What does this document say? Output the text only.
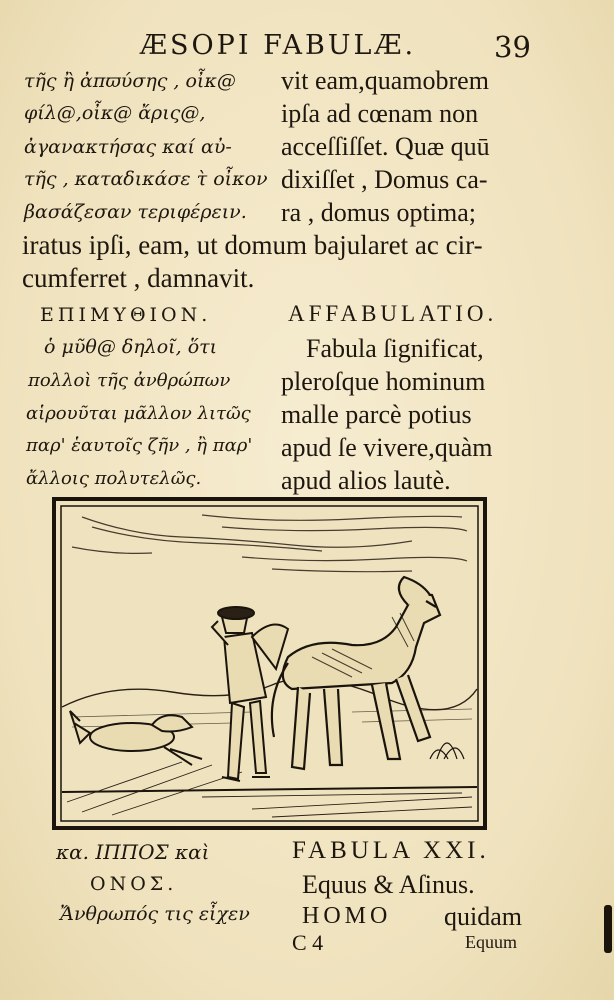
ÆSOPI FABULÆ.	39
τῆς ἢ ἀπϖύσης , οἶκ@
φίλ@,οἶκ@ ἄρις@,
ἀγανακτήσας καί αὐ-
τῆς , καταδικάσε τ̀ οἶκον
βασάζεσαν τεριφέρειν.
vit eam,quamobrem
ipſa ad cœnam non
acceſſiſſet. Quæ quū
dixiſſet , Domus ca-
ra , domus optima;
iratus ipſi, eam, ut domum bajularet ac cir-
cumferret , damnavit.
ΕΠΙΜΥΘΙΟΝ.	AFFABULATIO.
ὁ μῦθ@ δηλοῖ, ὅτι
πολλοὶ τῆς ἀνθρώπων
αἱρουῦται μᾶλλον λιτῶς
παρ' ἑαυτοῖς ζῆν , ἢ παρ'
ἄλλοις πολυτελῶς.
Fabula ſignificat,
pleroſque hominum
malle parcè potius
apud ſe vivere,quàm
apud alios lautè.
κα. ΙΠΠΟΣ καὶ
ΟΝΟΣ.
Ἄνθρωπός τις εἶχεν
FABULA XXI.
Equus & Aſinus.
HOMO quidam
C 4	Equum
